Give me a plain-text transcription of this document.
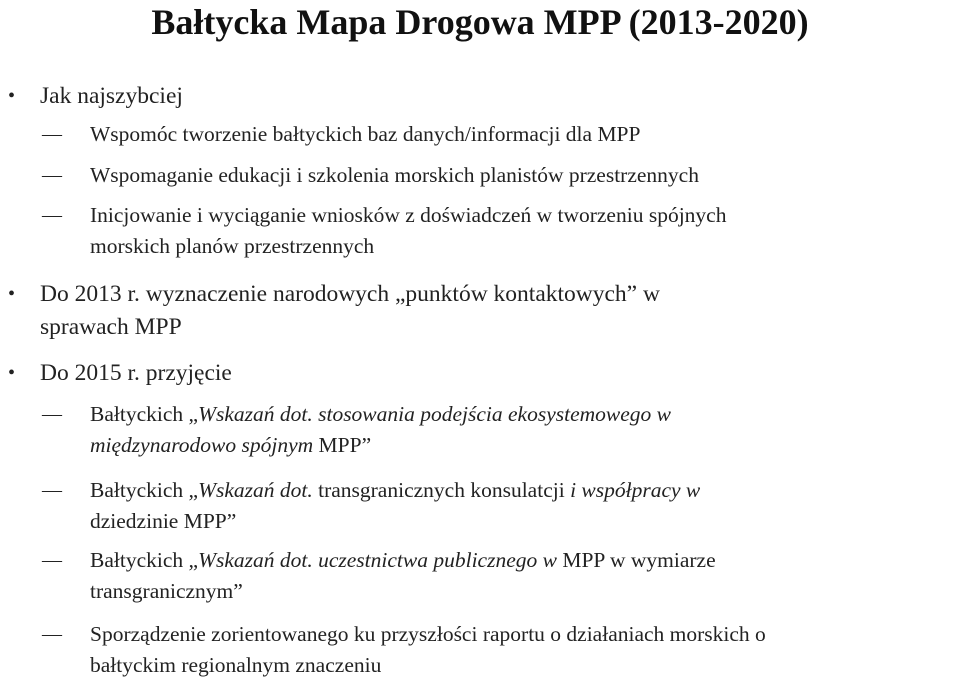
Bałtycka Mapa Drogowa MPP (2013-2020)
• Jak najszybciej
— Wspomóc tworzenie bałtyckich baz danych/informacji dla MPP
— Wspomaganie edukacji i szkolenia morskich planistów przestrzennych
— Inicjowanie i wyciąganie wniosków z doświadczeń w tworzeniu spójnych
morskich planów przestrzennych
• Do 2013 r. wyznaczenie narodowych „punktów kontaktowych” w
sprawach MPP
• Do 2015 r. przyjęcie
— Bałtyckich „Wskazań dot. stosowania podejścia ekosystemowego w
międzynarodowo spójnym MPP”
— Bałtyckich „Wskazań dot. transgranicznych konsulatcji i współpracy w
dziedzinie MPP”
— Bałtyckich „Wskazań dot. uczestnictwa publicznego w MPP w wymiarze
transgranicznym”
— Sporządzenie zorientowanego ku przyszłości raportu o działaniach morskich o
bałtyckim regionalnym znaczeniu
